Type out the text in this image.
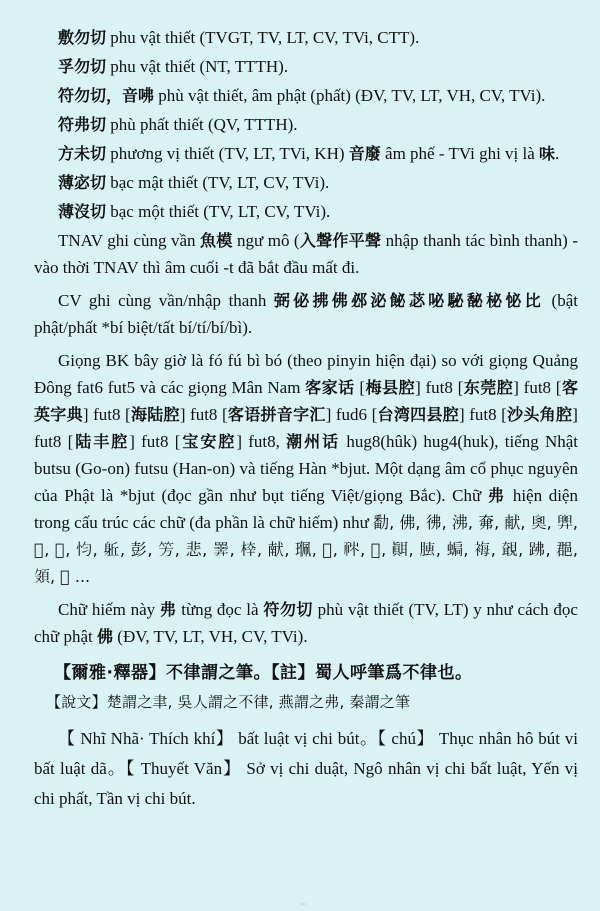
敷勿切 phu vật thiết (TVGT, TV, LT, CV, TVi, CTT).

孚勿切 phu vật thiết (NT, TTTH).

符勿切，音咈 phù vật thiết, âm phật (phất) (ĐV, TV, LT, VH, CV, TVi).

符弗切 phù phất thiết (QV, TTTH).

方未切 phương vị thiết (TV, LT, TVi, KH) 音廢 âm phế - TVi ghi vị là 味.

薄宓切 bạc mật thiết (TV, LT, CV, TVi).

薄沒切 bạc một thiết (TV, LT, CV, TVi).

TNAV ghi cùng vần 魚模 ngư mô (入聲作平聲 nhập thanh tác bình thanh) - vào thời TNAV thì âm cuối -t đã bắt đầu mất đi.

CV ghi cùng vần/nhập thanh 弼佖拂佛邲泌飶苾咇駜馝柲怭比 (bật phật/phất *bí biệt/tất bí/tí/bí/bì).

Giọng BK bây giờ là fó fú bì bó (theo pinyin hiện đại) so với giọng Quảng Đông fat6 fut5 và các giọng Mân Nam 客家话 [梅县腔] fut8 [东莞腔] fut8 [客英字典] fut8 [海陆腔] fut8 [客语拼音字汇] fud6 [台湾四县腔] fut8 [沙头角腔] fut8 [陆丰腔] fut8 [宝安腔] fut8, 潮州话 hug8(hûk) hug4(huk), tiếng Nhật butsu (Go-on) futsu (Han-on) và tiếng Hàn *bjut. Một dạng âm cổ phục nguyên của Phật là *bjut (đọc gần như bụt tiếng Việt/giọng Bắc). Chữ 弗 hiện diện trong cấu trúc các chữ (đa phần là chữ hiếm) như 勫, 佛, 彿, 沸, 㚕, 献, 𡘻, 𢍱, 𤌭, 𡼪, 𢗋, 𨈬, 彭, 𥫳, 悲, 𢍰, 𣖂, 献, 𤦍, 𩙵, 𥙏, 𥿘, 𦗁, 𦝏, 𧍮, 𧚀, 𧡵, 𧿳, 𨛦, 𩑦, 𩙵 ...

Chữ hiếm này 弗 từng đọc là 符勿切 phù vật thiết (TV, LT) y như cách đọc chữ phật 佛 (ĐV, TV, LT, VH, CV, TVi).

【爾雅·釋器】不律謂之筆。【註】蜀人呼筆爲不律也。

【說文】楚謂之聿, 吳人謂之不律, 燕謂之弗, 秦謂之筆

【 Nhĩ Nhã· Thích khí】 bất luật vị chi bút。【 chú】 Thục nhân hô bút vi bất luật dã。【 Thuyết Văn】 Sở vị chi duật, Ngô nhân vị chi bất luật, Yến vị chi phất, Tần vị chi bút.
